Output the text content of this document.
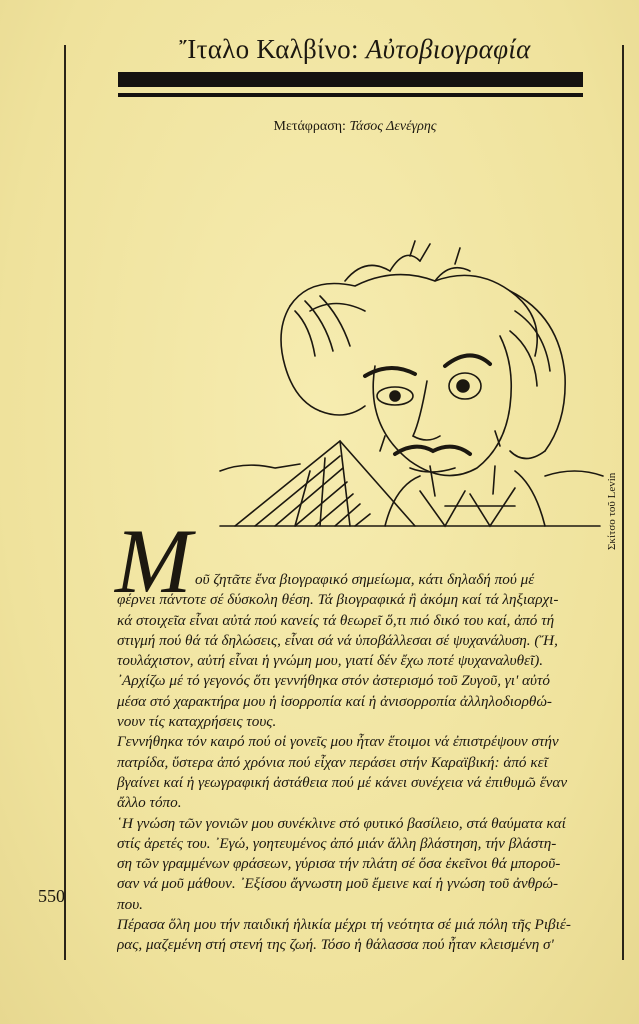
Ἴταλο Καλβίνο: Αὐτοβιογραφία
Μετάφραση: Τάσος Δενέγρης
Σκίτσο τοῦ Levin
Μ οῦ ζητᾶτε ἕνα βιογραφικό σημείωμα, κάτι δηλαδή πού μέ
φέρνει πάντοτε σέ δύσκολη θέση. Τά βιογραφικά ἢ ἀκόμη καί τά ληξιαρχι-
κά στοιχεῖα εἶναι αὐτά πού κανείς τά θεωρεῖ ὅ,τι πιό δικό του καί, ἀπό τή
στιγμή πού θά τά δηλώσεις, εἶναι σά νά ὑποβάλλεσαι σέ ψυχανάλυση. (Ἤ,
τουλάχιστον, αὐτή εἶναι ἡ γνώμη μου, γιατί δέν ἔχω ποτέ ψυχαναλυθεῖ).
᾿Αρχίζω μέ τό γεγονός ὅτι γεννήθηκα στόν ἀστερισμό τοῦ Ζυγοῦ, γι' αὐτό
μέσα στό χαρακτήρα μου ἡ ἰσορροπία καί ἡ ἀνισορροπία ἀλληλοδιορθώ-
νουν τίς καταχρήσεις τους.
Γεννήθηκα τόν καιρό πού οἱ γονεῖς μου ἦταν ἕτοιμοι νά ἐπιστρέψουν στήν
πατρίδα, ὕστερα ἀπό χρόνια πού εἶχαν περάσει στήν Καραϊβική: ἀπό κεῖ
βγαίνει καί ἡ γεωγραφική ἀστάθεια πού μέ κάνει συνέχεια νά ἐπιθυμῶ ἕναν
ἄλλο τόπο.
῾Η γνώση τῶν γονιῶν μου συνέκλινε στό φυτικό βασίλειο, στά θαύματα καί
στίς ἀρετές του. ᾿Εγώ, γοητευμένος ἀπό μιάν ἄλλη βλάστηση, τήν βλάστη-
ση τῶν γραμμένων φράσεων, γύρισα τήν πλάτη σέ ὅσα ἐκεῖνοι θά μποροῦ-
σαν νά μοῦ μάθουν. ᾿Εξίσου ἄγνωστη μοῦ ἔμεινε καί ἡ γνώση τοῦ ἀνθρώ-
που.
Πέρασα ὅλη μου τήν παιδική ἡλικία μέχρι τή νεότητα σέ μιά πόλη τῆς Ριβιέ-
ρας, μαζεμένη στή στενή της ζωή. Τόσο ἡ θάλασσα πού ἦταν κλεισμένη σ'
550
